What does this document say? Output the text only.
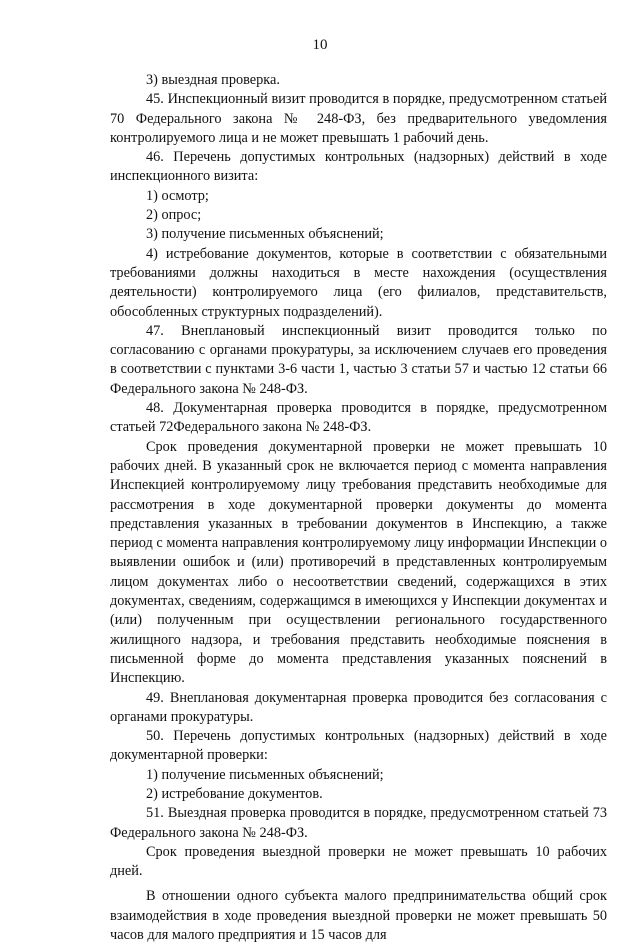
10

3) выездная проверка.

45. Инспекционный визит проводится в порядке, предусмотренном статьей 70 Федерального закона № 248-ФЗ, без предварительного уведомления контролируемого лица и не может превышать 1 рабочий день.

46. Перечень допустимых контрольных (надзорных) действий в ходе инспекционного визита:

1) осмотр;

2) опрос;

3) получение письменных объяснений;

4) истребование документов, которые в соответствии с обязательными требованиями должны находиться в месте нахождения (осуществления деятельности) контролируемого лица (его филиалов, представительств, обособленных структурных подразделений).

47. Внеплановый инспекционный визит проводится только по согласованию с органами прокуратуры, за исключением случаев его проведения в соответствии с пунктами 3-6 части 1, частью 3 статьи 57 и частью 12 статьи 66 Федерального закона № 248-ФЗ.

48. Документарная проверка проводится в порядке, предусмотренном статьей 72Федерального закона № 248-ФЗ.

Срок проведения документарной проверки не может превышать 10 рабочих дней. В указанный срок не включается период с момента направления Инспекцией контролируемому лицу требования представить необходимые для рассмотрения в ходе документарной проверки документы до момента представления указанных в требовании документов в Инспекцию, а также период с момента направления контролируемому лицу информации Инспекции о выявлении ошибок и (или) противоречий в представленных контролируемым лицом документах либо о несоответствии сведений, содержащихся в этих документах, сведениям, содержащимся в имеющихся у Инспекции документах и (или) полученным при осуществлении регионального государственного жилищного надзора, и требования представить необходимые пояснения в письменной форме до момента представления указанных пояснений в Инспекцию.

49. Внеплановая документарная проверка проводится без согласования с органами прокуратуры.

50. Перечень допустимых контрольных (надзорных) действий в ходе документарной проверки:

1) получение письменных объяснений;

2) истребование документов.

51. Выездная проверка проводится в порядке, предусмотренном статьей 73 Федерального закона № 248-ФЗ.

Срок проведения выездной проверки не может превышать 10 рабочих дней.

В отношении одного субъекта малого предпринимательства общий срок взаимодействия в ходе проведения выездной проверки не может превышать 50 часов для малого предприятия и 15 часов для
